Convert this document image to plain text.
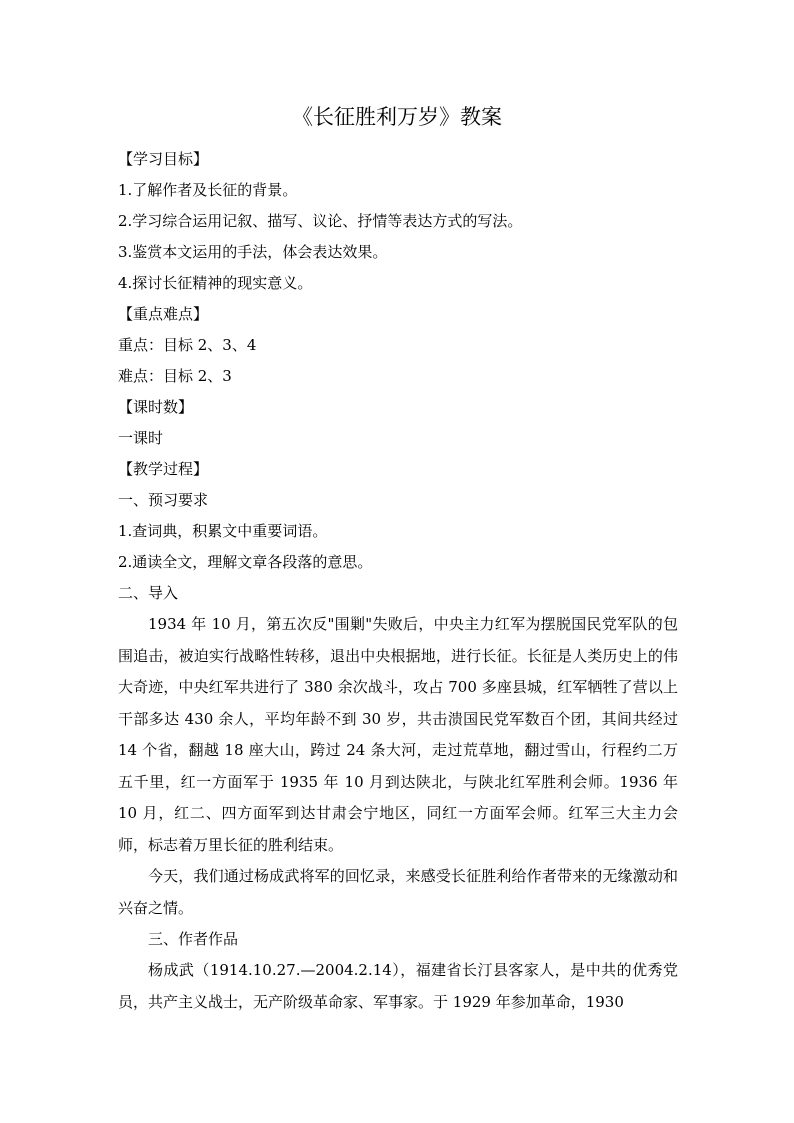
《长征胜利万岁》教案

【学习目标】

1.了解作者及长征的背景。

2.学习综合运用记叙、描写、议论、抒情等表达方式的写法。

3.鉴赏本文运用的手法，体会表达效果。

4.探讨长征精神的现实意义。

【重点难点】

重点：目标 2、3、4

难点：目标 2、3

【课时数】

一课时

【教学过程】

一、预习要求

1.查词典，积累文中重要词语。

2.通读全文，理解文章各段落的意思。

二、导入

1934 年 10 月，第五次反"围剿"失败后，中央主力红军为摆脱国民党军队的包围追击，被迫实行战略性转移，退出中央根据地，进行长征。长征是人类历史上的伟大奇迹，中央红军共进行了 380 余次战斗，攻占 700 多座县城，红军牺牲了营以上干部多达 430 余人，平均年龄不到 30 岁，共击溃国民党军数百个团，其间共经过 14 个省，翻越 18 座大山，跨过 24 条大河，走过荒草地，翻过雪山，行程约二万五千里，红一方面军于 1935 年 10 月到达陕北，与陕北红军胜利会师。1936 年 10 月，红二、四方面军到达甘肃会宁地区，同红一方面军会师。红军三大主力会师，标志着万里长征的胜利结束。

今天，我们通过杨成武将军的回忆录，来感受长征胜利给作者带来的无缘激动和兴奋之情。

三、作者作品

杨成武（1914.10.27.—2004.2.14），福建省长汀县客家人，是中共的优秀党员，共产主义战士，无产阶级革命家、军事家。于 1929 年参加革命，1930
